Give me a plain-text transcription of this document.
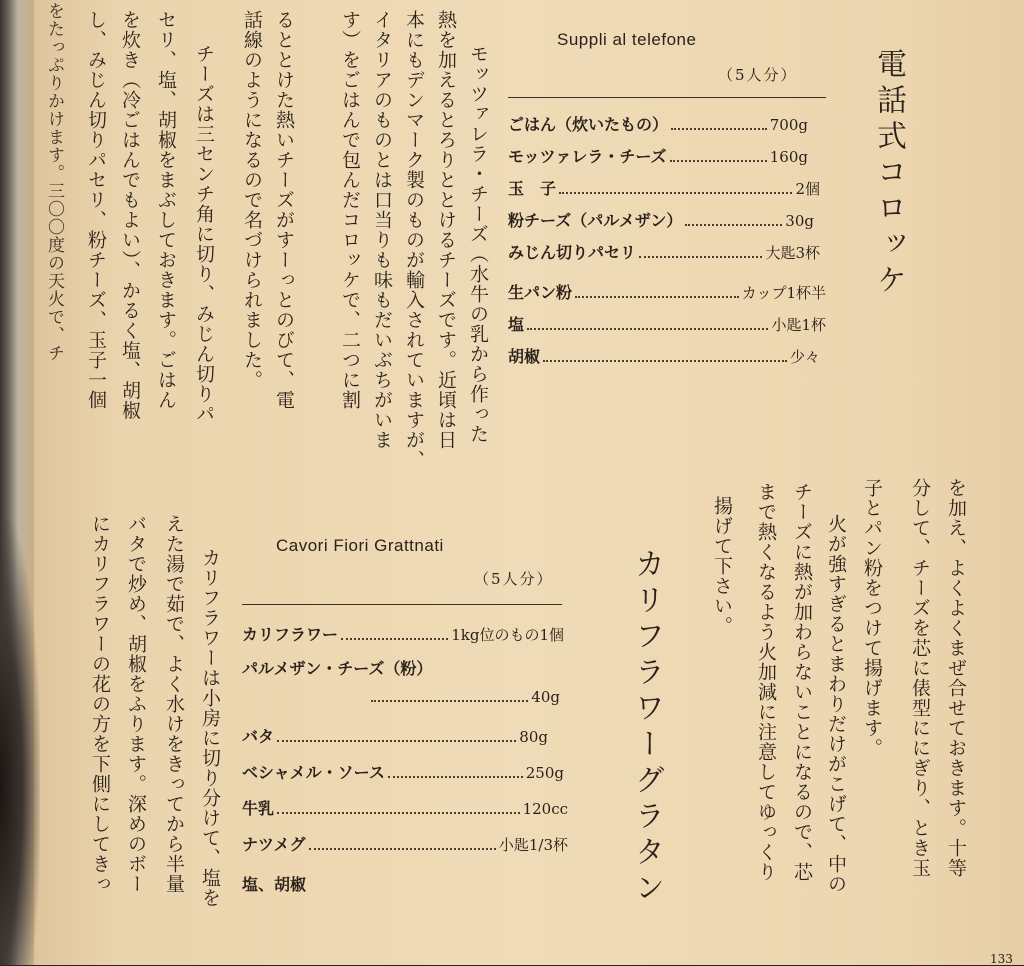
電話式コロッケ
Suppli al telefone
（5人分）
ごはん（炊いたもの）	700g
モッツァレラ・チーズ	160g
玉　子	2個
粉チーズ（パルメザン）	30g
みじん切りパセリ	大匙3杯
生パン粉	カップ1杯半
塩	小匙1杯
胡椒	少々
モッツァレラ・チーズ（水牛の乳から作った
熱を加えるとろりととけるチーズです。近頃は日
本にもデンマーク製のものが輸入されていますが、
イタリアのものとは口当りも味もだいぶちがいま
す）をごはんで包んだコロッケで、二つに割
るととけた熱いチーズがすーっとのびて、電
話線のようになるので名づけられました。
チーズは三センチ角に切り、みじん切りパ
セリ、塩、胡椒をまぶしておきます。ごはん
を炊き（冷ごはんでもよい）、かるく塩、胡椒
し、みじん切りパセリ、粉チーズ、玉子一個
をたっぷりかけます。三〇〇度の天火で、チ
を加え、よくよくまぜ合せておきます。十等
分して、チーズを芯に俵型ににぎり、とき玉
子とパン粉をつけて揚げます。
火が強すぎるとまわりだけがこげて、中の
チーズに熱が加わらないことになるので、芯
まで熱くなるよう火加減に注意してゆっくり
揚げて下さい。
カリフラワーグラタン
Cavori Fiori Grattnati
（5人分）
カリフラワー	1kg位のもの1個
パルメザン・チーズ（粉）
40g
バタ	80g
ベシャメル・ソース	250g
牛乳	120cc
ナツメグ	小匙1/3杯
塩、胡椒
カリフラワーは小房に切り分けて、塩を
えた湯で茹で、よく水けをきってから半量
バタで炒め、胡椒をふります。深めのボー
にカリフラワーの花の方を下側にしてきっ
133
